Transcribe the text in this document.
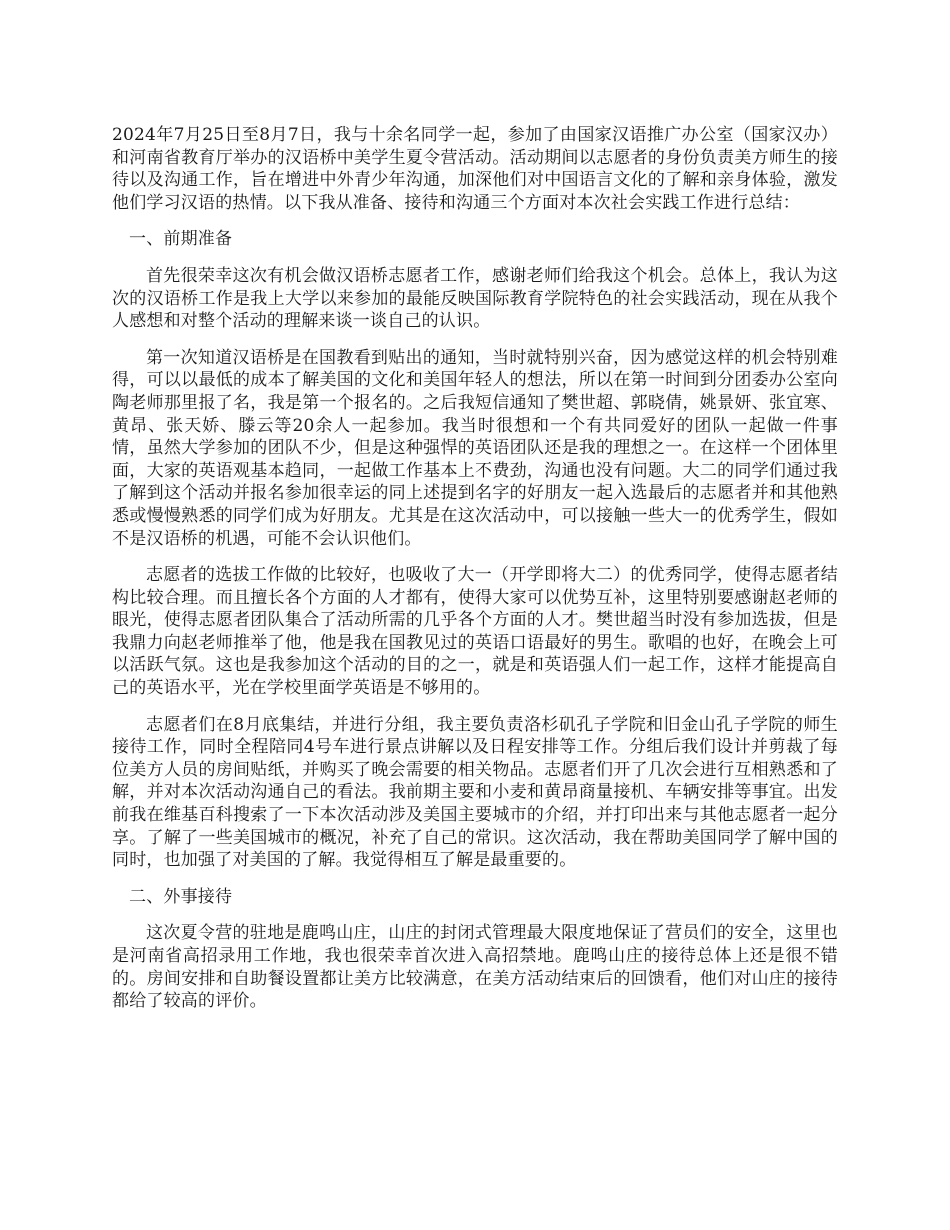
2024年7月25日至8月7日，我与十余名同学一起，参加了由国家汉语推广办公室（国家汉办）和河南省教育厅举办的汉语桥中美学生夏令营活动。活动期间以志愿者的身份负责美方师生的接待以及沟通工作，旨在增进中外青少年沟通，加深他们对中国语言文化的了解和亲身体验，激发他们学习汉语的热情。以下我从准备、接待和沟通三个方面对本次社会实践工作进行总结：

一、前期准备

首先很荣幸这次有机会做汉语桥志愿者工作，感谢老师们给我这个机会。总体上，我认为这次的汉语桥工作是我上大学以来参加的最能反映国际教育学院特色的社会实践活动，现在从我个人感想和对整个活动的理解来谈一谈自己的认识。

第一次知道汉语桥是在国教看到贴出的通知，当时就特别兴奋，因为感觉这样的机会特别难得，可以以最低的成本了解美国的文化和美国年轻人的想法，所以在第一时间到分团委办公室向陶老师那里报了名，我是第一个报名的。之后我短信通知了樊世超、郭晓倩，姚景妍、张宜寒、黄昂、张天娇、滕云等20余人一起参加。我当时很想和一个有共同爱好的团队一起做一件事情，虽然大学参加的团队不少，但是这种强悍的英语团队还是我的理想之一。在这样一个团体里面，大家的英语观基本趋同，一起做工作基本上不费劲，沟通也没有问题。大二的同学们通过我了解到这个活动并报名参加很幸运的同上述提到名字的好朋友一起入选最后的志愿者并和其他熟悉或慢慢熟悉的同学们成为好朋友。尤其是在这次活动中，可以接触一些大一的优秀学生，假如不是汉语桥的机遇，可能不会认识他们。

志愿者的选拔工作做的比较好，也吸收了大一（开学即将大二）的优秀同学，使得志愿者结构比较合理。而且擅长各个方面的人才都有，使得大家可以优势互补，这里特别要感谢赵老师的眼光，使得志愿者团队集合了活动所需的几乎各个方面的人才。樊世超当时没有参加选拔，但是我鼎力向赵老师推举了他，他是我在国教见过的英语口语最好的男生。歌唱的也好，在晚会上可以活跃气氛。这也是我参加这个活动的目的之一，就是和英语强人们一起工作，这样才能提高自己的英语水平，光在学校里面学英语是不够用的。

志愿者们在8月底集结，并进行分组，我主要负责洛杉矶孔子学院和旧金山孔子学院的师生接待工作，同时全程陪同4号车进行景点讲解以及日程安排等工作。分组后我们设计并剪裁了每位美方人员的房间贴纸，并购买了晚会需要的相关物品。志愿者们开了几次会进行互相熟悉和了解，并对本次活动沟通自己的看法。我前期主要和小麦和黄昂商量接机、车辆安排等事宜。出发前我在维基百科搜索了一下本次活动涉及美国主要城市的介绍，并打印出来与其他志愿者一起分享。了解了一些美国城市的概况，补充了自己的常识。这次活动，我在帮助美国同学了解中国的同时，也加强了对美国的了解。我觉得相互了解是最重要的。

二、外事接待

这次夏令营的驻地是鹿鸣山庄，山庄的封闭式管理最大限度地保证了营员们的安全，这里也是河南省高招录用工作地，我也很荣幸首次进入高招禁地。鹿鸣山庄的接待总体上还是很不错的。房间安排和自助餐设置都让美方比较满意，在美方活动结束后的回馈看，他们对山庄的接待都给了较高的评价。
